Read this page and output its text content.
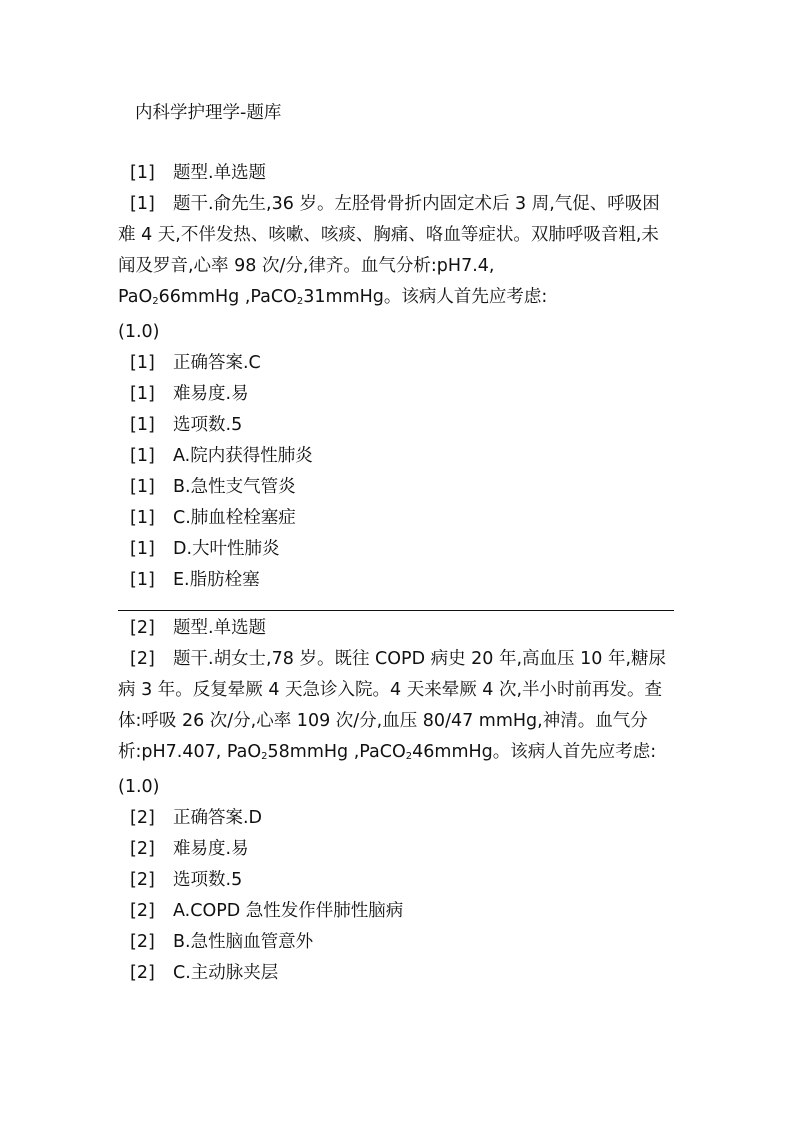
内科学护理学-题库
[1] 题型.单选题
[1] 题干.俞先生,36 岁。左胫骨骨折内固定术后 3 周,气促、呼吸困
难 4 天,不伴发热、咳嗽、咳痰、胸痛、咯血等症状。双肺呼吸音粗,未
闻及罗音,心率 98 次/分,律齐。血气分析:pH7.4,
PaO$_2$66mmHg ,PaCO$_2$31mmHg。该病人首先应考虑:
(1.0)
[1] 正确答案.C
[1] 难易度.易
[1] 选项数.5
[1] A.院内获得性肺炎
[1] B.急性支气管炎
[1] C.肺血栓栓塞症
[1] D.大叶性肺炎
[1] E.脂肪栓塞
[2] 题型.单选题
[2] 题干.胡女士,78 岁。既往 COPD 病史 20 年,高血压 10 年,糖尿
病 3 年。反复晕厥 4 天急诊入院。4 天来晕厥 4 次,半小时前再发。查
体:呼吸 26 次/分,心率 109 次/分,血压 80/47 mmHg,神清。血气分
析:pH7.407, PaO$_2$58mmHg ,PaCO$_2$46mmHg。该病人首先应考虑:
(1.0)
[2] 正确答案.D
[2] 难易度.易
[2] 选项数.5
[2] A.COPD 急性发作伴肺性脑病
[2] B.急性脑血管意外
[2] C.主动脉夹层
